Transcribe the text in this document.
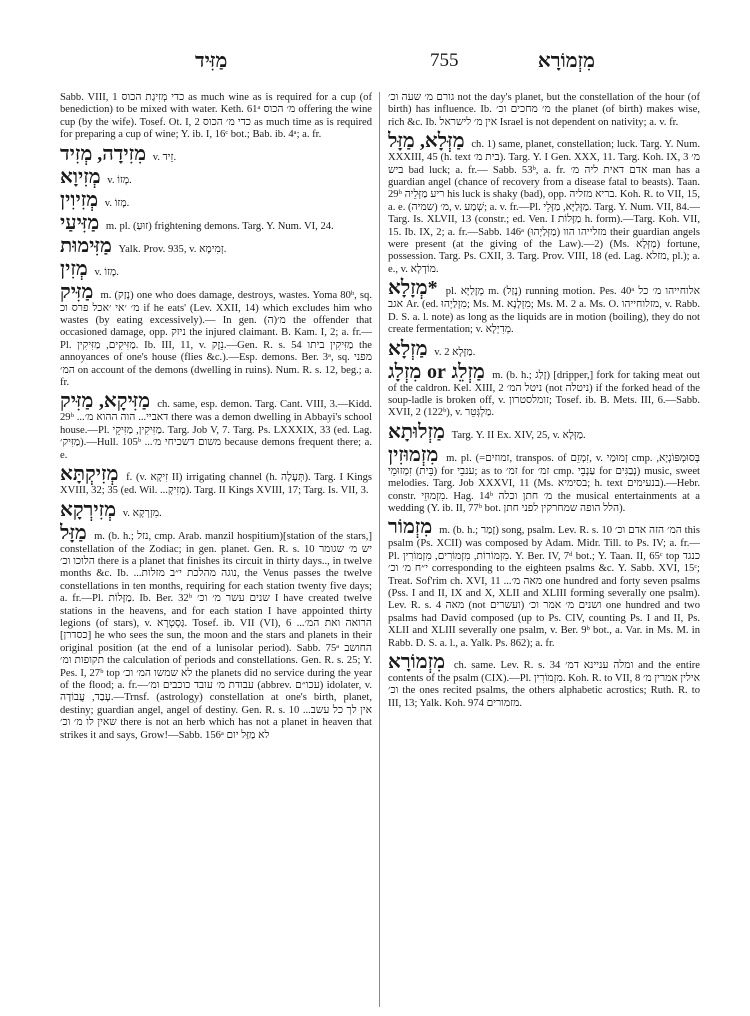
מַזִּיד	755	מִזְמוֹרָא

Sabb. VIII, 1 כדי מְזִיגַת הכוס as much wine as is required for a cup (of benediction) to be mixed with water. Keth. 61ᵃ מ׳ הכוס offering the wine cup (by the wife). Tosef. Ot. I, 2 כדי מ׳ הכוס as much time as is required for preparing a cup of wine; Y. ib. I, 16ᶜ bot.; Bab. ib. 4ᵃ; a. fr.

מִזִידָה, מְזִיד v. זֵיד.

מְזִיוָא v. מָזוֹ.

מְזִיוִין v. מָזוֹ.

מַזִּיעַי m. pl. (זוּעַ) frightening demons. Targ. Y. Num. VI, 24.

מַזִּימוּת Yalk. Prov. 935, v. זְמִימָא.

מְזִין v. מָזוֹ.

מַזִּיק m. (נָזַק) one who does damage, destroys, wastes. Yoma 80ᵇ, sq. מ׳ ׳אי ׳אכל פרס וכ if he eats' (Lev. XXII, 14) which excludes him who wastes (by eating excessively).— In gen. (ה)מ׳ the offender that occasioned damage, opp. ניזק the injured claimant. B. Kam. I, 2; a. fr.—Pl. מַזִּיקִים, מַזִּיקִין. Ib. III, 11, v. נֵזֶק.—Gen. R. s. 54 מַזִּיקִין ביתו the annoyances of one's house (flies &c.).—Esp. demons. Ber. 3ᵃ, sq. מפני המ׳ on account of the demons (dwelling in ruins). Num. R. s. 12, beg.; a. fr.

מַזִּיקָא, מַזִּיק ch. same, esp. demon. Targ. Cant. VIII, 3.—Kidd. 29ᵇ ...דאביי... הוה ההוא מ׳ there was a demon dwelling in Abbayi's school house.—Pl. מַזִּיקִין, מַזִּיקֵי. Targ. Job V, 7. Targ. Ps. LXXXIX, 33 (ed. Lag. מַזִּיק׳).—Hull. 105ᵇ ...משום דשכיחי מ׳ because demons frequent there; a. e.

מְזִיקְתָּא f. (v. זִיקָא II) irrigating channel (h. תְּעָלָה). Targ. I Kings XVIII, 32; 35 (ed. Wil. ...מְזִיקְ). Targ. II Kings XVIII, 17; Targ. Is. VII, 3.

מְזִירְקָא v. מִזְרְקָא.

מַזָּל m. (b. h.; נזל, cmp. Arab. manzil hospitium)[station of the stars,] constellation of the Zodiac; in gen. planet. Gen. R. s. 10 יש מ׳ שגומר הלוכו וכ׳ there is a planet that finishes its circuit in thirty days.., in twelve months &c. Ib. ...נוגה מהלכת י״ב מזלות, the Venus passes the twelve constellations in ten months, requiring for each station twenty five days; a. fr.—Pl. מַזָּלוֹת. Ib. Ber. 32ᵇ שנים עשר מ׳ וכ׳ I have created twelve stations in the heavens, and for each station I have appointed thirty legions (of stars), v. גַּסְטְרָא. Tosef. ib. VII (VI), 6 ...הרואה ואת המ׳ [כסדרן] he who sees the sun, the moon and the stars and planets in their original position (at the end of a lunisolar period). Sabb. 75ᵃ החושב תקופות ומ׳ the calculation of periods and constellations. Gen. R. s. 25; Y. Pes. I, 27ᵇ top לא שמשו המ׳ וכ׳ the planets did no service during the year of the flood; a. fr.—עבודת מ׳ עובד כוכבים ומ׳ (abbrev. עכו״ם) idolater, v. עָבַד, עֲבוֹדָה.—Trnsf. (astrology) constellation at one's birth, planet, destiny; guardian angel, angel of destiny. Gen. R. s. 10 ...אין לך כל עשב שאין לו מ׳ וכ׳ there is not an herb which has not a planet in heaven that strikes it and says, Grow!—Sabb. 156ᵃ לא מַזַּל יום

גורם מ׳ שעה וכ׳ not the day's planet, but the constellation of the hour (of birth) has influence. Ib. מ׳ מחכים וכ׳ the planet (of birth) makes wise, rich &c. Ib. אין מ׳ לישראל Israel is not dependent on nativity; a. v. fr.

מַזְּלָא, מַזָּל ch. 1) same, planet, constellation; luck. Targ. Y. Num. XXXIII, 45 (h. text בית מ׳). Targ. Y. I Gen. XXX, 11. Targ. Koh. IX, 3 מ׳ ביש bad luck; a. fr.— Sabb. 53ᵇ, a. fr. אדם דאית ליה מ׳ man has a guardian angel (chance of recovery from a disease fatal to beasts). Taan. 29ᵇ ריע מַזְּלֵיה his luck is shaky (bad), opp. בריא מזליה. Koh. R. to VII, 15, a. e. מ׳ (שמיה), v. שְׁמַע; a. v. fr.—Pl. מַזָּלַיָּא, מַזָּלֵי. Targ. Y. Num. VII, 84.—Targ. Is. XLVII, 13 (constr.; ed. Ven. I מַזָּלוֹת h. form).—Targ. Koh. VII, 15. Ib. IX, 2; a. fr.—Sabb. 146ᵃ (מַזְּלַיְהוּ) מזלייהו הוו their guardian angels were present (at the giving of the Law).—2) (Ms. מַזְּלָא) fortune, possession. Targ. Ps. CXII, 3. Targ. Prov. VIII, 18 (ed. Lag. מזלא, pl.); a. e., v. מוֹדְלָא.

*מְזָלָא pl. מְזָלַיָּא m. (נָזַל) running motion. Pes. 40ᵃ אלוחייהו מ׳ כל אגב Ar. (ed. מִזְלַיְהוּ; Ms. M. מִזְלָנָא; Ms. M. 2 a. Ms. O. מזלוחייהו, v. Rabb. D. S. a. l. note) as long as the liquids are in motion (boiling), they do not create fermentation; v. מְדִיְלָא.

מַזְלָא v. מַזָּלָא 2.

מַזְלֵג or מִזְלָג m. (b. h.; זָלַג) [dripper,] fork for taking meat out of the caldron. Kel. XIII, 2 ניטל המ׳ (not ניטלה) if the forked head of the soup-ladle is broken off, v. זומלסטרון; Tosef. ib. B. Mets. III, 6.—Sabb. XVII, 2 (122ᵇ), v. מַלְגְּטֵר.

מַזְלוּתָא Targ. Y. II Ex. XIV, 25, v. מַזְּלָא.

מִזְמוּזִין m. pl. (=זמוזים, transpos. of זִמְזֵם, v. זְמוּמַי cmp. בְּסוּמְפּוֹנְיָא, (בֵּית) זִמְזוּמֵי for ענבֵי; as to זמ׳ for זמ׳ cmp. עַנְבֵי for נְבַגִּים) music, sweet melodies. Targ. Job XXXVI, 11 (Ms. בסימיא; h. text בנעימים).—Hebr. constr. מִזְמוּזֵי. Hag. 14ᵇ מ׳ חתן וכלה the musical entertainments at a wedding (Y. ib. II, 77ᵇ bot. הלל הופה שמחרקין לפני חתן).

מִזְמוֹר m. (b. h.; זָמַר) song, psalm. Lev. R. s. 10 המ׳ הזה אדם וכ׳ this psalm (Ps. XCII) was composed by Adam. Midr. Till. to Ps. IV; a. fr.—Pl. מִזְמוֹרוֹת, מִזְמוֹרִים, מִזְמוֹרִין. Y. Ber. IV, 7ᵈ bot.; Y. Taan. II, 65ᶜ top כנגד י״ח מ׳ וכ׳ corresponding to the eighteen psalms &c. Y. Sabb. XVI, 15ᶜ; Treat. Sof'rim ch. XVI, 11 ...מאה מ׳ one hundred and forty seven psalms (Pss. I and II, IX and X, XLII and XLIII forming severally one psalm). Lev. R. s. 4 מאה (not ועשרים) ושנים מ׳ אמר וכ׳ one hundred and two psalms had David composed (up to Ps. CIV, counting Ps. I and II, Ps. XLII and XLIII severally one psalm, v. Ber. 9ᵇ bot., a. Var. in Ms. M. in Rabb. D. S. a. l., a. Yalk. Ps. 862); a. fr.

מִזְמוֹרָא ch. same. Lev. R. s. 34 ומלה עניינא דמ׳ and the entire contents of the psalm (CIX).—Pl. מִזְמוֹרִין. Koh. R. to VII, 8 אילין אמרין מ׳ וכ׳ the ones recited psalms, the others alphabetic acrostics; Ruth. R. to III, 13; Yalk. Koh. 974 מזמורים.
